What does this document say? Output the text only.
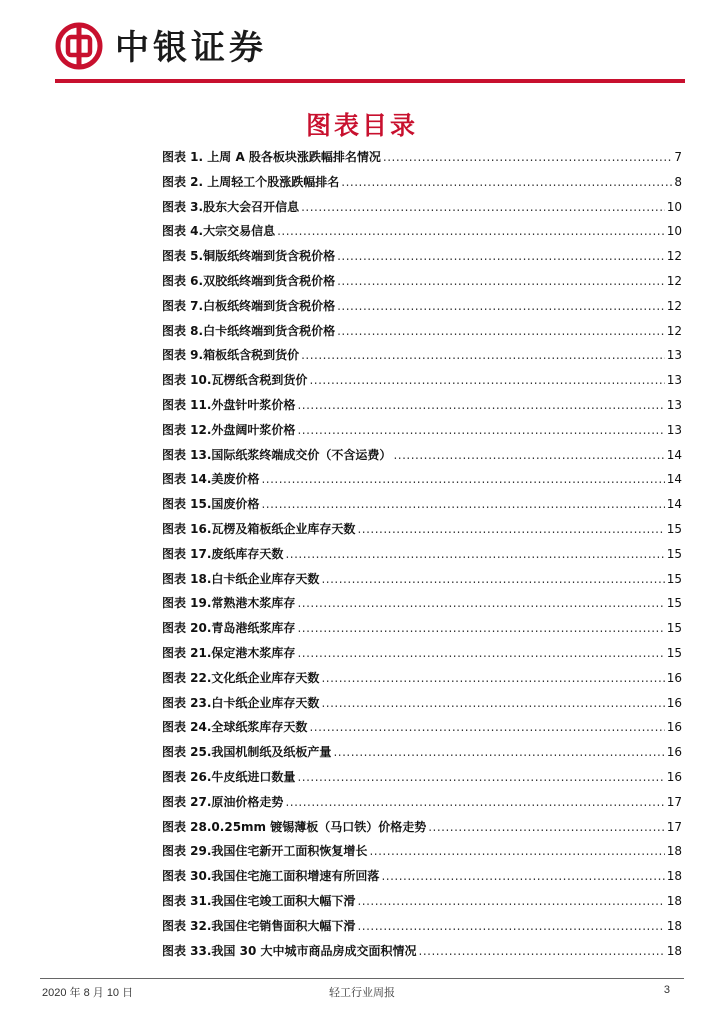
中银证券
图表目录
图表 1. 上周 A 股各板块涨跌幅排名情况 .....	7
图表 2. 上周轻工个股涨跌幅排名 .....	8
图表 3.股东大会召开信息 .....	10
图表 4.大宗交易信息 .....	10
图表 5.铜版纸终端到货含税价格 .....	12
图表 6.双胶纸终端到货含税价格 .....	12
图表 7.白板纸终端到货含税价格 .....	12
图表 8.白卡纸终端到货含税价格 .....	12
图表 9.箱板纸含税到货价 .....	13
图表 10.瓦楞纸含税到货价 .....	13
图表 11.外盘针叶浆价格 .....	13
图表 12.外盘阔叶浆价格 .....	13
图表 13.国际纸浆终端成交价（不含运费） .....	14
图表 14.美废价格 .....	14
图表 15.国废价格 .....	14
图表 16.瓦楞及箱板纸企业库存天数 .....	15
图表 17.废纸库存天数 .....	15
图表 18.白卡纸企业库存天数 .....	15
图表 19.常熟港木浆库存 .....	15
图表 20.青岛港纸浆库存 .....	15
图表 21.保定港木浆库存 .....	15
图表 22.文化纸企业库存天数 .....	16
图表 23.白卡纸企业库存天数 .....	16
图表 24.全球纸浆库存天数 .....	16
图表 25.我国机制纸及纸板产量 .....	16
图表 26.牛皮纸进口数量 .....	16
图表 27.原油价格走势 .....	17
图表 28.0.25mm 镀锡薄板（马口铁）价格走势 .....	17
图表 29.我国住宅新开工面积恢复增长 .....	18
图表 30.我国住宅施工面积增速有所回落 .....	18
图表 31.我国住宅竣工面积大幅下滑 .....	18
图表 32.我国住宅销售面积大幅下滑 .....	18
图表 33.我国 30 大中城市商品房成交面积情况 .....	18
2020 年 8 月 10 日	轻工行业周报	3
